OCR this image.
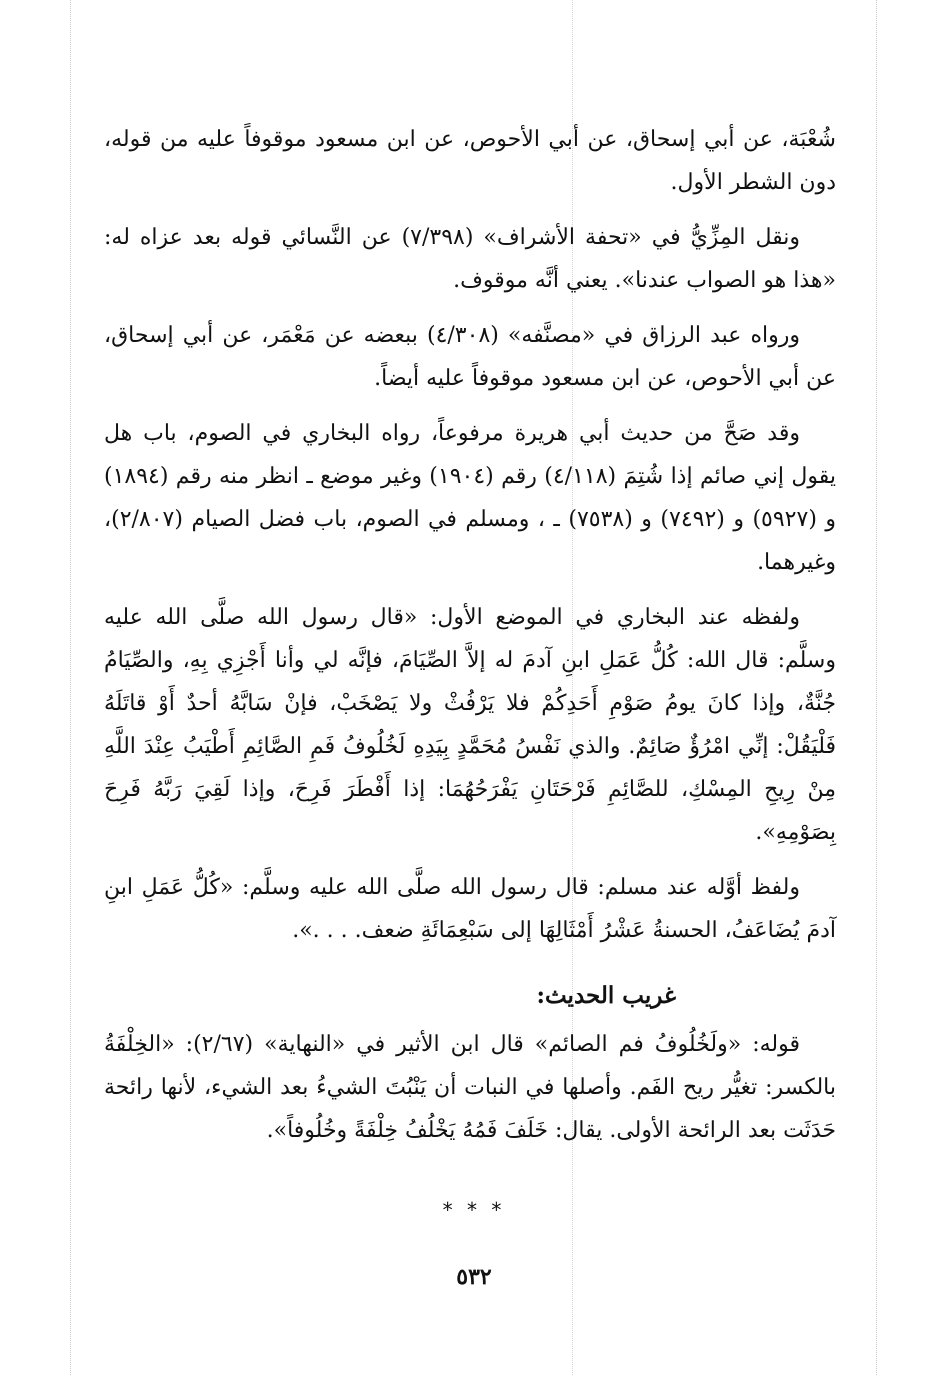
شُعْبَة، عن أبي إسحاق، عن أبي الأحوص، عن ابن مسعود موقوفاً عليه من قوله، دون الشطر الأول.

ونقل المِزِّيُّ في «تحفة الأشراف» (٧/٣٩٨) عن النَّسائي قوله بعد عزاه له: «هذا هو الصواب عندنا». يعني أنَّه موقوف.

ورواه عبد الرزاق في «مصنَّفه» (٤/٣٠٨) ببعضه عن مَعْمَر، عن أبي إسحاق، عن أبي الأحوص، عن ابن مسعود موقوفاً عليه أيضاً.

وقد صَحَّ من حديث أبي هريرة مرفوعاً، رواه البخاري في الصوم، باب هل يقول إني صائم إذا شُتِمَ (٤/١١٨) رقم (١٩٠٤) وغير موضع ـ انظر منه رقم (١٨٩٤) و (٥٩٢٧) و (٧٤٩٢) و (٧٥٣٨) ـ ، ومسلم في الصوم، باب فضل الصيام (٢/٨٠٧)، وغيرهما.

ولفظه عند البخاري في الموضع الأول: «قال رسول الله صلَّى الله عليه وسلَّم: قال الله: كُلُّ عَمَلِ ابنِ آدمَ له إلاَّ الصِّيَامَ، فإنَّه لي وأنا أَجْزِي بِهِ، والصِّيَامُ جُنَّةٌ، وإذا كانَ يومُ صَوْمِ أَحَدِكُمْ فلا يَرْفُثْ ولا يَصْخَبْ، فإنْ سَابَّهُ أحدٌ أَوْ قاتَلَهُ فَلْيَقُلْ: إنِّي امْرُؤٌ صَائِمٌ. والذي نَفْسُ مُحَمَّدٍ بِيَدِهِ لَخُلُوفُ فَمِ الصَّائِمِ أَطْيَبُ عِنْدَ اللَّهِ مِنْ رِيحِ المِسْكِ، للصَّائِمِ فَرْحَتَانِ يَفْرَحُهُمَا: إذا أَفْطَرَ فَرِحَ، وإذا لَقِيَ رَبَّهُ فَرِحَ بِصَوْمِهِ».

ولفظ أوَّله عند مسلم: قال رسول الله صلَّى الله عليه وسلَّم: «كُلُّ عَمَلِ ابنِ آدمَ يُضَاعَفُ، الحسنةُ عَشْرُ أَمْثَالِهَا إلى سَبْعِمَائَةِ ضعف. . . .».

غريب الحديث:

قوله: «ولَخُلُوفُ فم الصائم» قال ابن الأثير في «النهاية» (٢/٦٧): «الخِلْفَةُ بالكسر: تغيُّر ريح الفَم. وأصلها في النبات أن يَنْبُتَ الشيءُ بعد الشيء، لأنها رائحة حَدَثَت بعد الرائحة الأولى. يقال: خَلَفَ فَمُهُ يَخْلُفُ خِلْفَةً وخُلُوفاً».

* * *
٥٣٢
